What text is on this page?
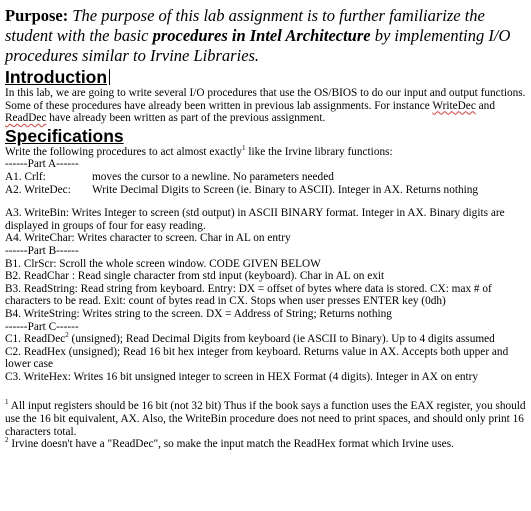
Purpose: The purpose of this lab assignment is to further familiarize the student with the basic procedures in Intel Architecture by implementing I/O procedures similar to Irvine Libraries.

Introduction

In this lab, we are going to write several I/O procedures that use the OS/BIOS to do our input and output functions. Some of these procedures have already been written in previous lab assignments. For instance WriteDec and ReadDec have already been written as part of the previous assignment.

Specifications

Write the following procedures to act almost exactly$^1$ like the Irvine library functions:

------Part A------
A1. Crlf:	moves the cursor to a newline. No parameters needed
A2. WriteDec:	Write Decimal Digits to Screen (ie. Binary to ASCII). Integer in AX. Returns nothing

A3. WriteBin: Writes Integer to screen (std output) in ASCII BINARY format. Integer in AX. Binary digits are displayed in groups of four for easy reading.

A4. WriteChar: Writes character to screen. Char in AL on entry

------Part B------

B1. ClrScr: Scroll the whole screen window. CODE GIVEN BELOW

B2. ReadChar : Read single character from std input (keyboard). Char in AL on exit

B3. ReadString: Read string from keyboard. Entry: DX = offset of bytes where data is stored. CX: max # of characters to be read. Exit: count of bytes read in CX. Stops when user presses ENTER key (0dh)

B4. WriteString: Writes string to the screen. DX = Address of String; Returns nothing

------Part C------

C1. ReadDec$^2$ (unsigned); Read Decimal Digits from keyboard (ie ASCII to Binary). Up to 4 digits assumed

C2. ReadHex (unsigned); Read 16 bit hex integer from keyboard. Returns value in AX. Accepts both upper and lower case

C3. WriteHex: Writes 16 bit unsigned integer to screen in HEX Format (4 digits). Integer in AX on entry

$^1$ All input registers should be 16 bit (not 32 bit) Thus if the book says a function uses the EAX register, you should use the 16 bit equivalent, AX. Also, the WriteBin procedure does not need to print spaces, and should only print 16 characters total.

$^2$ Irvine doesn't have a "ReadDec", so make the input match the ReadHex format which Irvine uses.
